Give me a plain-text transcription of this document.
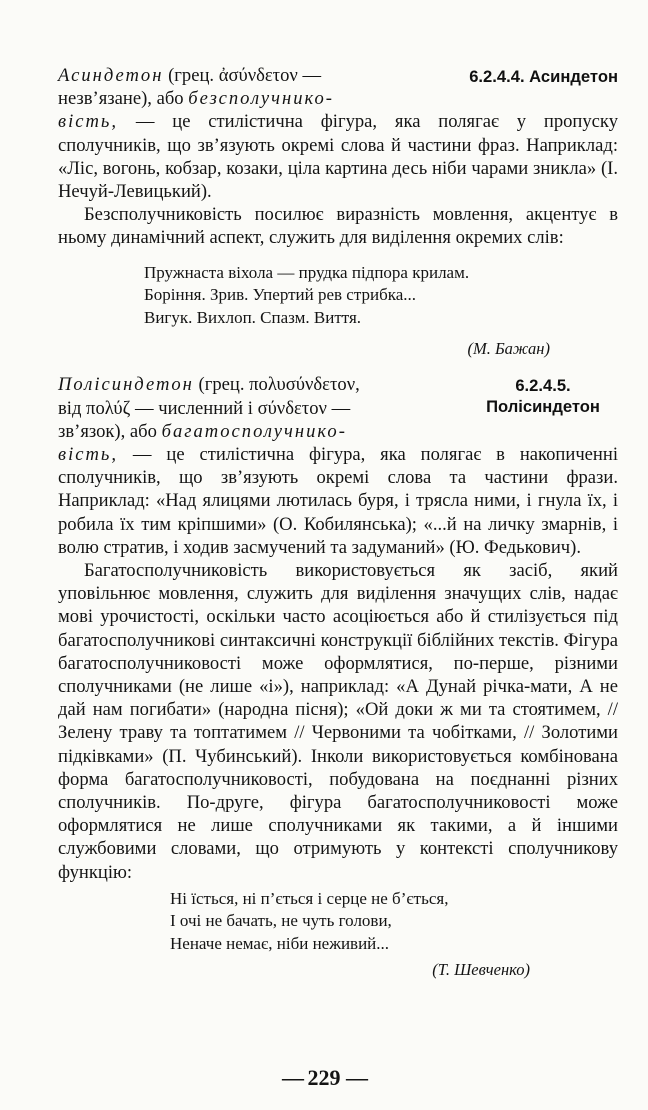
6.2.4.4. Асиндетон

Асиндетон (грец. ἀσύνδετον —

незв’язане), або безсполучнико-

вість, — це стилістична фігура, яка полягає у пропуску сполучників, що зв’язують окремі слова й частини фраз. Наприклад: «Ліс, вогонь, кобзар, козаки, ціла картина десь ніби чарами зникла» (І. Нечуй-Левицький).

Безсполучниковість посилює виразність мовлення, акцентує в ньому динамічний аспект, служить для виділення окремих слів:

Пружнаста віхола — прудка підпора крилам.
Боріння. Зрив. Упертий рев стрибка...
Вигук. Вихлоп. Спазм. Виття.
(М. Бажан)

Полісиндетон (грец. πολυσύνδετον,

від πολύζ — численний і σύνδετον —

зв’язок), або багатосполучнико-

6.2.4.5.
Полісиндетон

вість, — це стилістична фігура, яка полягає в накопиченні сполучників, що зв’язують окремі слова та частини фрази. Наприклад: «Над ялицями лютилась буря, і трясла ними, і гнула їх, і робила їх тим кріпшими» (О. Кобилянська); «...й на личку змарнів, і волю стратив, і ходив засмучений та задуманий» (Ю. Федькович).

Багатосполучниковість використовується як засіб, який уповільнює мовлення, служить для виділення значущих слів, надає мові урочистості, оскільки часто асоціюється або й стилізується під багатосполучникові синтаксичні конструкції біблійних текстів. Фігура багатосполучниковості може оформлятися, по-перше, різними сполучниками (не лише «і»), наприклад: «А Дунай річка-мати, А не дай нам погибати» (народна пісня); «Ой доки ж ми та стоятимем, // Зелену траву та топтатимем // Червоними та чобітками, // Золотими підківками» (П. Чубинський). Інколи використовується комбінована форма багатосполучниковості, побудована на поєднанні різних сполучників. По-друге, фігура багатосполучниковості може оформлятися не лише сполучниками як такими, а й іншими службовими словами, що отримують у контексті сполучникову функцію:

Ні їсться, ні п’ється і серце не б’ється,
І очі не бачать, не чуть голови,
Неначе немає, ніби неживий...
(Т. Шевченко)
— 229 —
